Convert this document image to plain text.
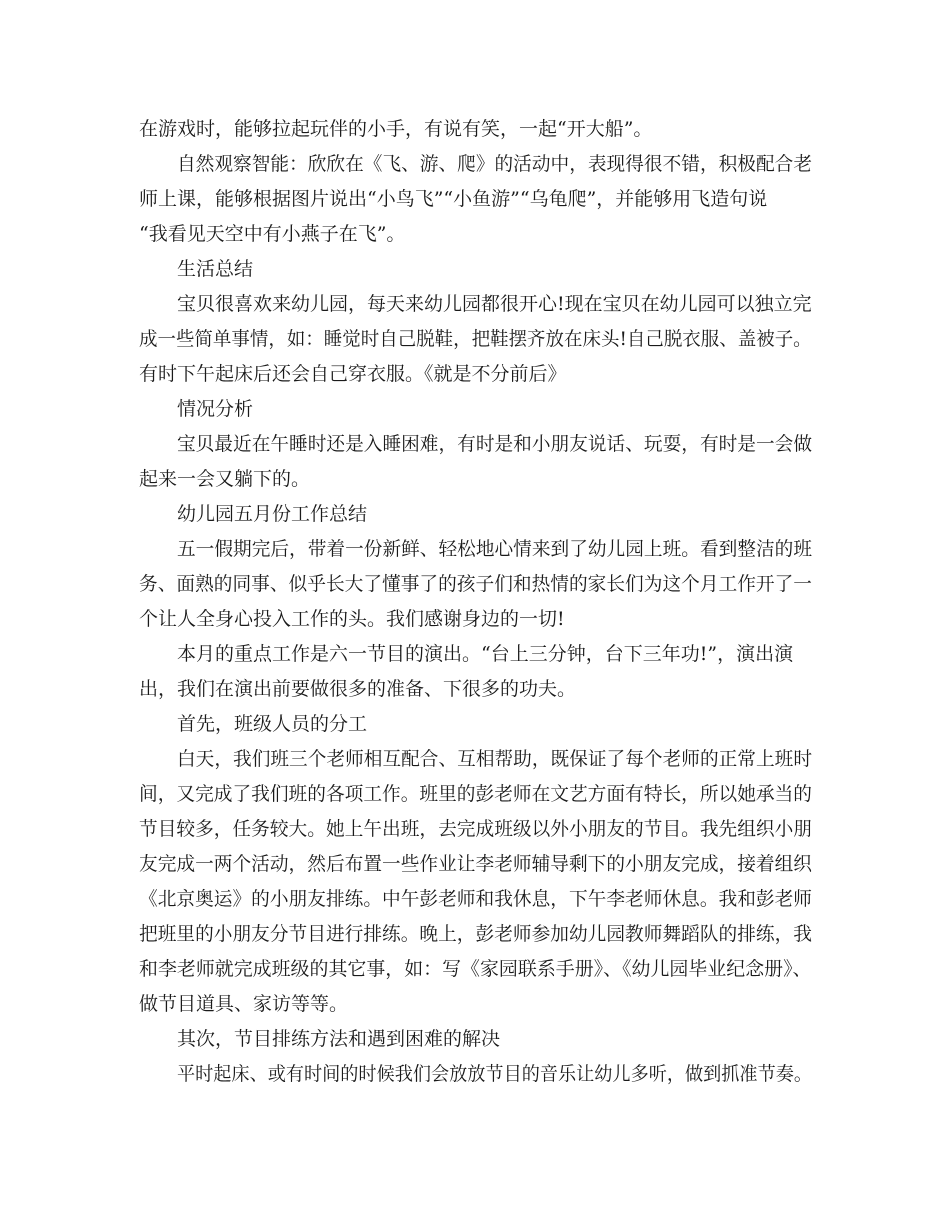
在游戏时，能够拉起玩伴的小手，有说有笑，一起“开大船”。
自然观察智能：欣欣在《飞、游、爬》的活动中，表现得很不错，积极配合老
师上课，能够根据图片说出“小鸟飞”“小鱼游”“乌龟爬”，并能够用飞造句说
“我看见天空中有小燕子在飞”。
生活总结
宝贝很喜欢来幼儿园，每天来幼儿园都很开心!现在宝贝在幼儿园可以独立完
成一些简单事情，如：睡觉时自己脱鞋，把鞋摆齐放在床头!自己脱衣服、盖被子。
有时下午起床后还会自己穿衣服。《就是不分前后》
情况分析
宝贝最近在午睡时还是入睡困难，有时是和小朋友说话、玩耍，有时是一会做
起来一会又躺下的。
幼儿园五月份工作总结
五一假期完后，带着一份新鲜、轻松地心情来到了幼儿园上班。看到整洁的班
务、面熟的同事、似乎长大了懂事了的孩子们和热情的家长们为这个月工作开了一
个让人全身心投入工作的头。我们感谢身边的一切!
本月的重点工作是六一节目的演出。“台上三分钟，台下三年功!”，演出演
出，我们在演出前要做很多的准备、下很多的功夫。
首先，班级人员的分工
白天，我们班三个老师相互配合、互相帮助，既保证了每个老师的正常上班时
间，又完成了我们班的各项工作。班里的彭老师在文艺方面有特长，所以她承当的
节目较多，任务较大。她上午出班，去完成班级以外小朋友的节目。我先组织小朋
友完成一两个活动，然后布置一些作业让李老师辅导剩下的小朋友完成，接着组织
《北京奥运》的小朋友排练。中午彭老师和我休息，下午李老师休息。我和彭老师
把班里的小朋友分节目进行排练。晚上，彭老师参加幼儿园教师舞蹈队的排练，我
和李老师就完成班级的其它事，如：写《家园联系手册》、《幼儿园毕业纪念册》、
做节目道具、家访等等。
其次，节目排练方法和遇到困难的解决
平时起床、或有时间的时候我们会放放节目的音乐让幼儿多听，做到抓准节奏。
